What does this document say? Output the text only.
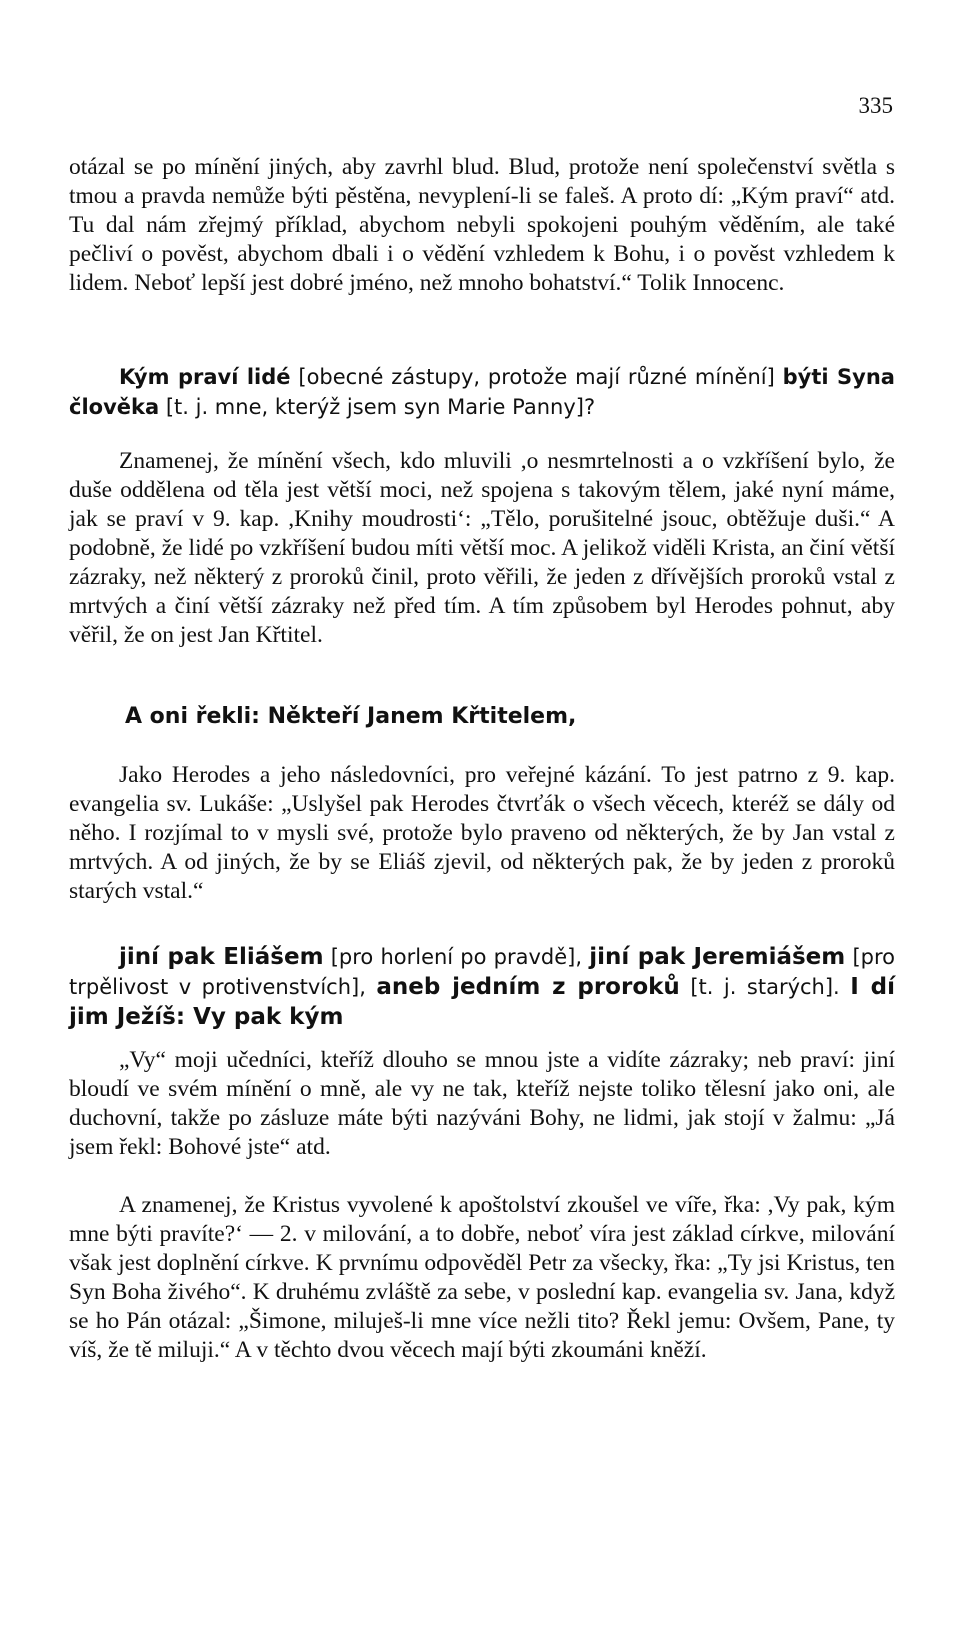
335

otázal se po mínění jiných, aby zavrhl blud. Blud, protože není společenství světla s tmou a pravda nemůže býti pěstěna, nevyplení-li se faleš. A proto dí: „Kým praví“ atd. Tu dal nám zřejmý příklad, abychom nebyli spokojeni pouhým věděním, ale také pečliví o pověst, abychom dbali i o vědění vzhledem k Bohu, i o pověst vzhledem k lidem. Neboť lepší jest dobré jméno, než mnoho bohatství.“ Tolik Innocenc.

Kým praví lidé [obecné zástupy, protože mají různé mínění] býti Syna člověka [t. j. mne, kterýž jsem syn Marie Panny]?

Znamenej, že mínění všech, kdo mluvili ,o nesmrtelnosti a o vzkříšení bylo, že duše oddělena od těla jest větší moci, než spojena s takovým tělem, jaké nyní máme, jak se praví v 9. kap. ,Knihy moudrosti‘: „Tělo, porušitelné jsouc, obtěžuje duši.“ A podobně, že lidé po vzkříšení budou míti větší moc. A jelikož viděli Krista, an činí větší zázraky, než některý z proroků činil, proto věřili, že jeden z dřívějších proroků vstal z mrtvých a činí větší zázraky než před tím. A tím způsobem byl Herodes pohnut, aby věřil, že on jest Jan Křtitel.

A oni řekli: Někteří Janem Křtitelem,

Jako Herodes a jeho následovníci, pro veřejné kázání. To jest patrno z 9. kap. evangelia sv. Lukáše: „Uslyšel pak Herodes čtvrťák o všech věcech, kteréž se dály od něho. I rozjímal to v mysli své, protože bylo praveno od některých, že by Jan vstal z mrtvých. A od jiných, že by se Eliáš zjevil, od některých pak, že by jeden z proroků starých vstal.“

jiní pak Eliášem [pro horlení po pravdě], jiní pak Jeremiášem [pro trpělivost v protivenstvích], aneb jedním z proroků [t. j. starých]. I dí jim Ježíš: Vy pak kým

„Vy“ moji učedníci, kteříž dlouho se mnou jste a vidíte zázraky; neb praví: jiní bloudí ve svém mínění o mně, ale vy ne tak, kteříž nejste toliko tělesní jako oni, ale duchovní, takže po zásluze máte býti nazýváni Bohy, ne lidmi, jak stojí v žalmu: „Já jsem řekl: Bohové jste“ atd.

A znamenej, že Kristus vyvolené k apoštolství zkoušel ve víře, řka: ,Vy pak, kým mne býti pravíte?‘ — 2. v milování, a to dobře, neboť víra jest základ církve, milování však jest doplnění církve. K prvnímu odpověděl Petr za všecky, řka: „Ty jsi Kristus, ten Syn Boha živého“. K druhému zvláště za sebe, v poslední kap. evangelia sv. Jana, když se ho Pán otázal: „Šimone, miluješ-li mne více nežli tito? Řekl jemu: Ovšem, Pane, ty víš, že tě miluji.“ A v těchto dvou věcech mají býti zkoumáni kněží.
